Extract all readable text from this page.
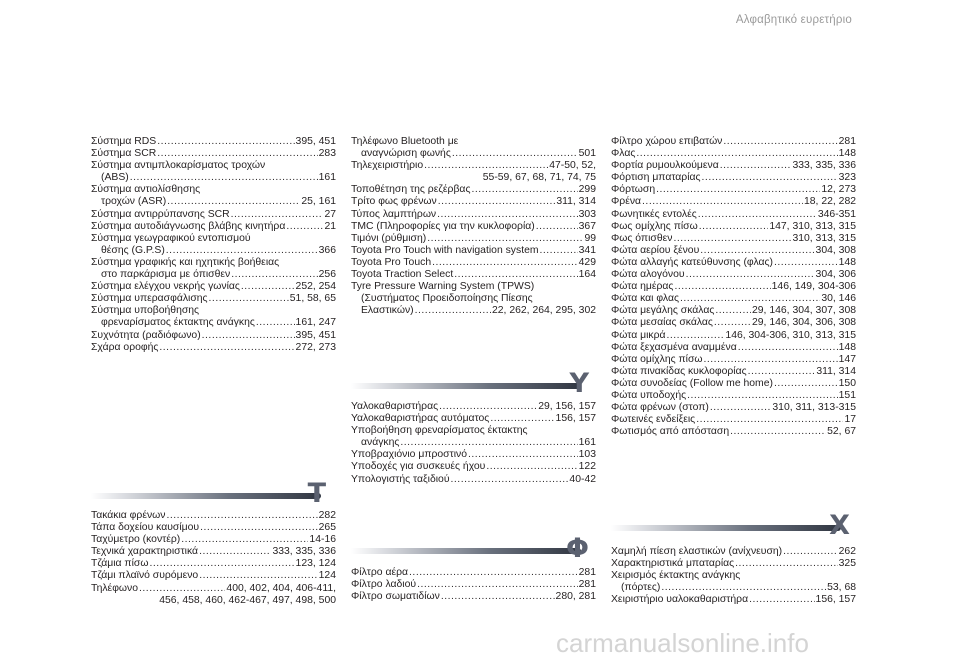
Αλφαβητικό ευρετήριο
Σύστημα RDS .....	395, 451
Σύστημα SCR .....	283
Σύστημα αντιμπλοκαρίσματος τροχών
(ABS) .....	161
Σύστημα αντιολίσθησης
τροχών (ASR) .....	25, 161
Σύστημα αντιρρύπανσης SCR .....	27
Σύστημα αυτοδιάγνωσης βλάβης κινητήρα .....	21
Σύστημα γεωγραφικού εντοπισμού
θέσης (G.P.S) .....	366
Σύστημα γραφικής και ηχητικής βοήθειας
στο παρκάρισμα με όπισθεν .....	256
Σύστημα ελέγχου νεκρής γωνίας .....	252, 254
Σύστημα υπερασφάλισης .....	51, 58, 65
Σύστημα υποβοήθησης
φρεναρίσματος έκτακτης ανάγκης .....	161, 247
Συχνότητα (ραδιόφωνο) .....	395, 451
Σχάρα οροφής .....	272, 273
Τ
Τακάκια φρένων .....	282
Τάπα δοχείου καυσίμου .....	265
Ταχύμετρο (κοντέρ) .....	14-16
Τεχνικά χαρακτηριστικά .....	333, 335, 336
Τζάμια πίσω .....	123, 124
Τζάμι πλαϊνό συρόμενο .....	124
Τηλέφωνο .....	400, 402, 404, 406-411,
456, 458, 460, 462-467, 497, 498, 500
Τηλέφωνο Bluetooth με
αναγνώριση φωνής .....	501
Τηλεχειριστήριο .....	47-50, 52,
55-59, 67, 68, 71, 74, 75
Τοποθέτηση της ρεζέρβας .....	299
Τρίτο φως φρένων .....	311, 314
Τύπος λαμπτήρων .....	303
TMC (Πληροφορίες για την κυκλοφορία) .....	367
Τιμόνι (ρύθμιση) .....	99
Toyota Pro Touch with navigation system .....	341
Toyota Pro Touch .....	429
Toyota Traction Select .....	164
Tyre Pressure Warning System (TPWS)
(Συστήματος Προειδοποίησης Πίεσης
Ελαστικών) .....	22, 262, 264, 295, 302
Υ
Υαλοκαθαριστήρας .....	29, 156, 157
Υαλοκαθαριστήρας αυτόματος .....	156, 157
Υποβοήθηση φρεναρίσματος έκτακτης
ανάγκης .....	161
Υποβραχιόνιο μπροστινό .....	103
Υποδοχές για συσκευές ήχου .....	122
Υπολογιστής ταξιδιού .....	40-42
Φ
Φίλτρο αέρα .....	281
Φίλτρο λαδιού .....	281
Φίλτρο σωματιδίων .....	280, 281
Φίλτρο χώρου επιβατών .....	281
Φλας .....	148
Φορτία ρυμουλκούμενα .....	333, 335, 336
Φόρτιση μπαταρίας .....	323
Φόρτωση .....	12, 273
Φρένα .....	18, 22, 282
Φωνητικές εντολές .....	346-351
Φως ομίχλης πίσω .....	147, 310, 313, 315
Φως όπισθεν .....	310, 313, 315
Φώτα αερίου ξένου .....	304, 308
Φώτα αλλαγής κατεύθυνσης (φλας) .....	148
Φώτα αλογόνου .....	304, 306
Φώτα ημέρας .....	146, 149, 304-306
Φώτα και φλας .....	30, 146
Φώτα μεγάλης σκάλας .....	29, 146, 304, 307, 308
Φώτα μεσαίας σκάλας .....	29, 146, 304, 306, 308
Φώτα μικρά .....	146, 304-306, 310, 313, 315
Φώτα ξεχασμένα αναμμένα .....	148
Φώτα ομίχλης πίσω .....	147
Φώτα πινακίδας κυκλοφορίας .....	311, 314
Φώτα συνοδείας (Follow me home) .....	150
Φώτα υποδοχής .....	151
Φώτα φρένων (στοπ) .....	310, 311, 313-315
Φωτεινές ενδείξεις .....	17
Φωτισμός από απόσταση .....	52, 67
Χ
Χαμηλή πίεση ελαστικών (ανίχνευση) .....	262
Χαρακτηριστικά μπαταρίας .....	325
Χειρισμός έκτακτης ανάγκης
(πόρτες) .....	53, 68
Χειριστήριο υαλοκαθαριστήρα .....	156, 157
carmanualsonline.info
